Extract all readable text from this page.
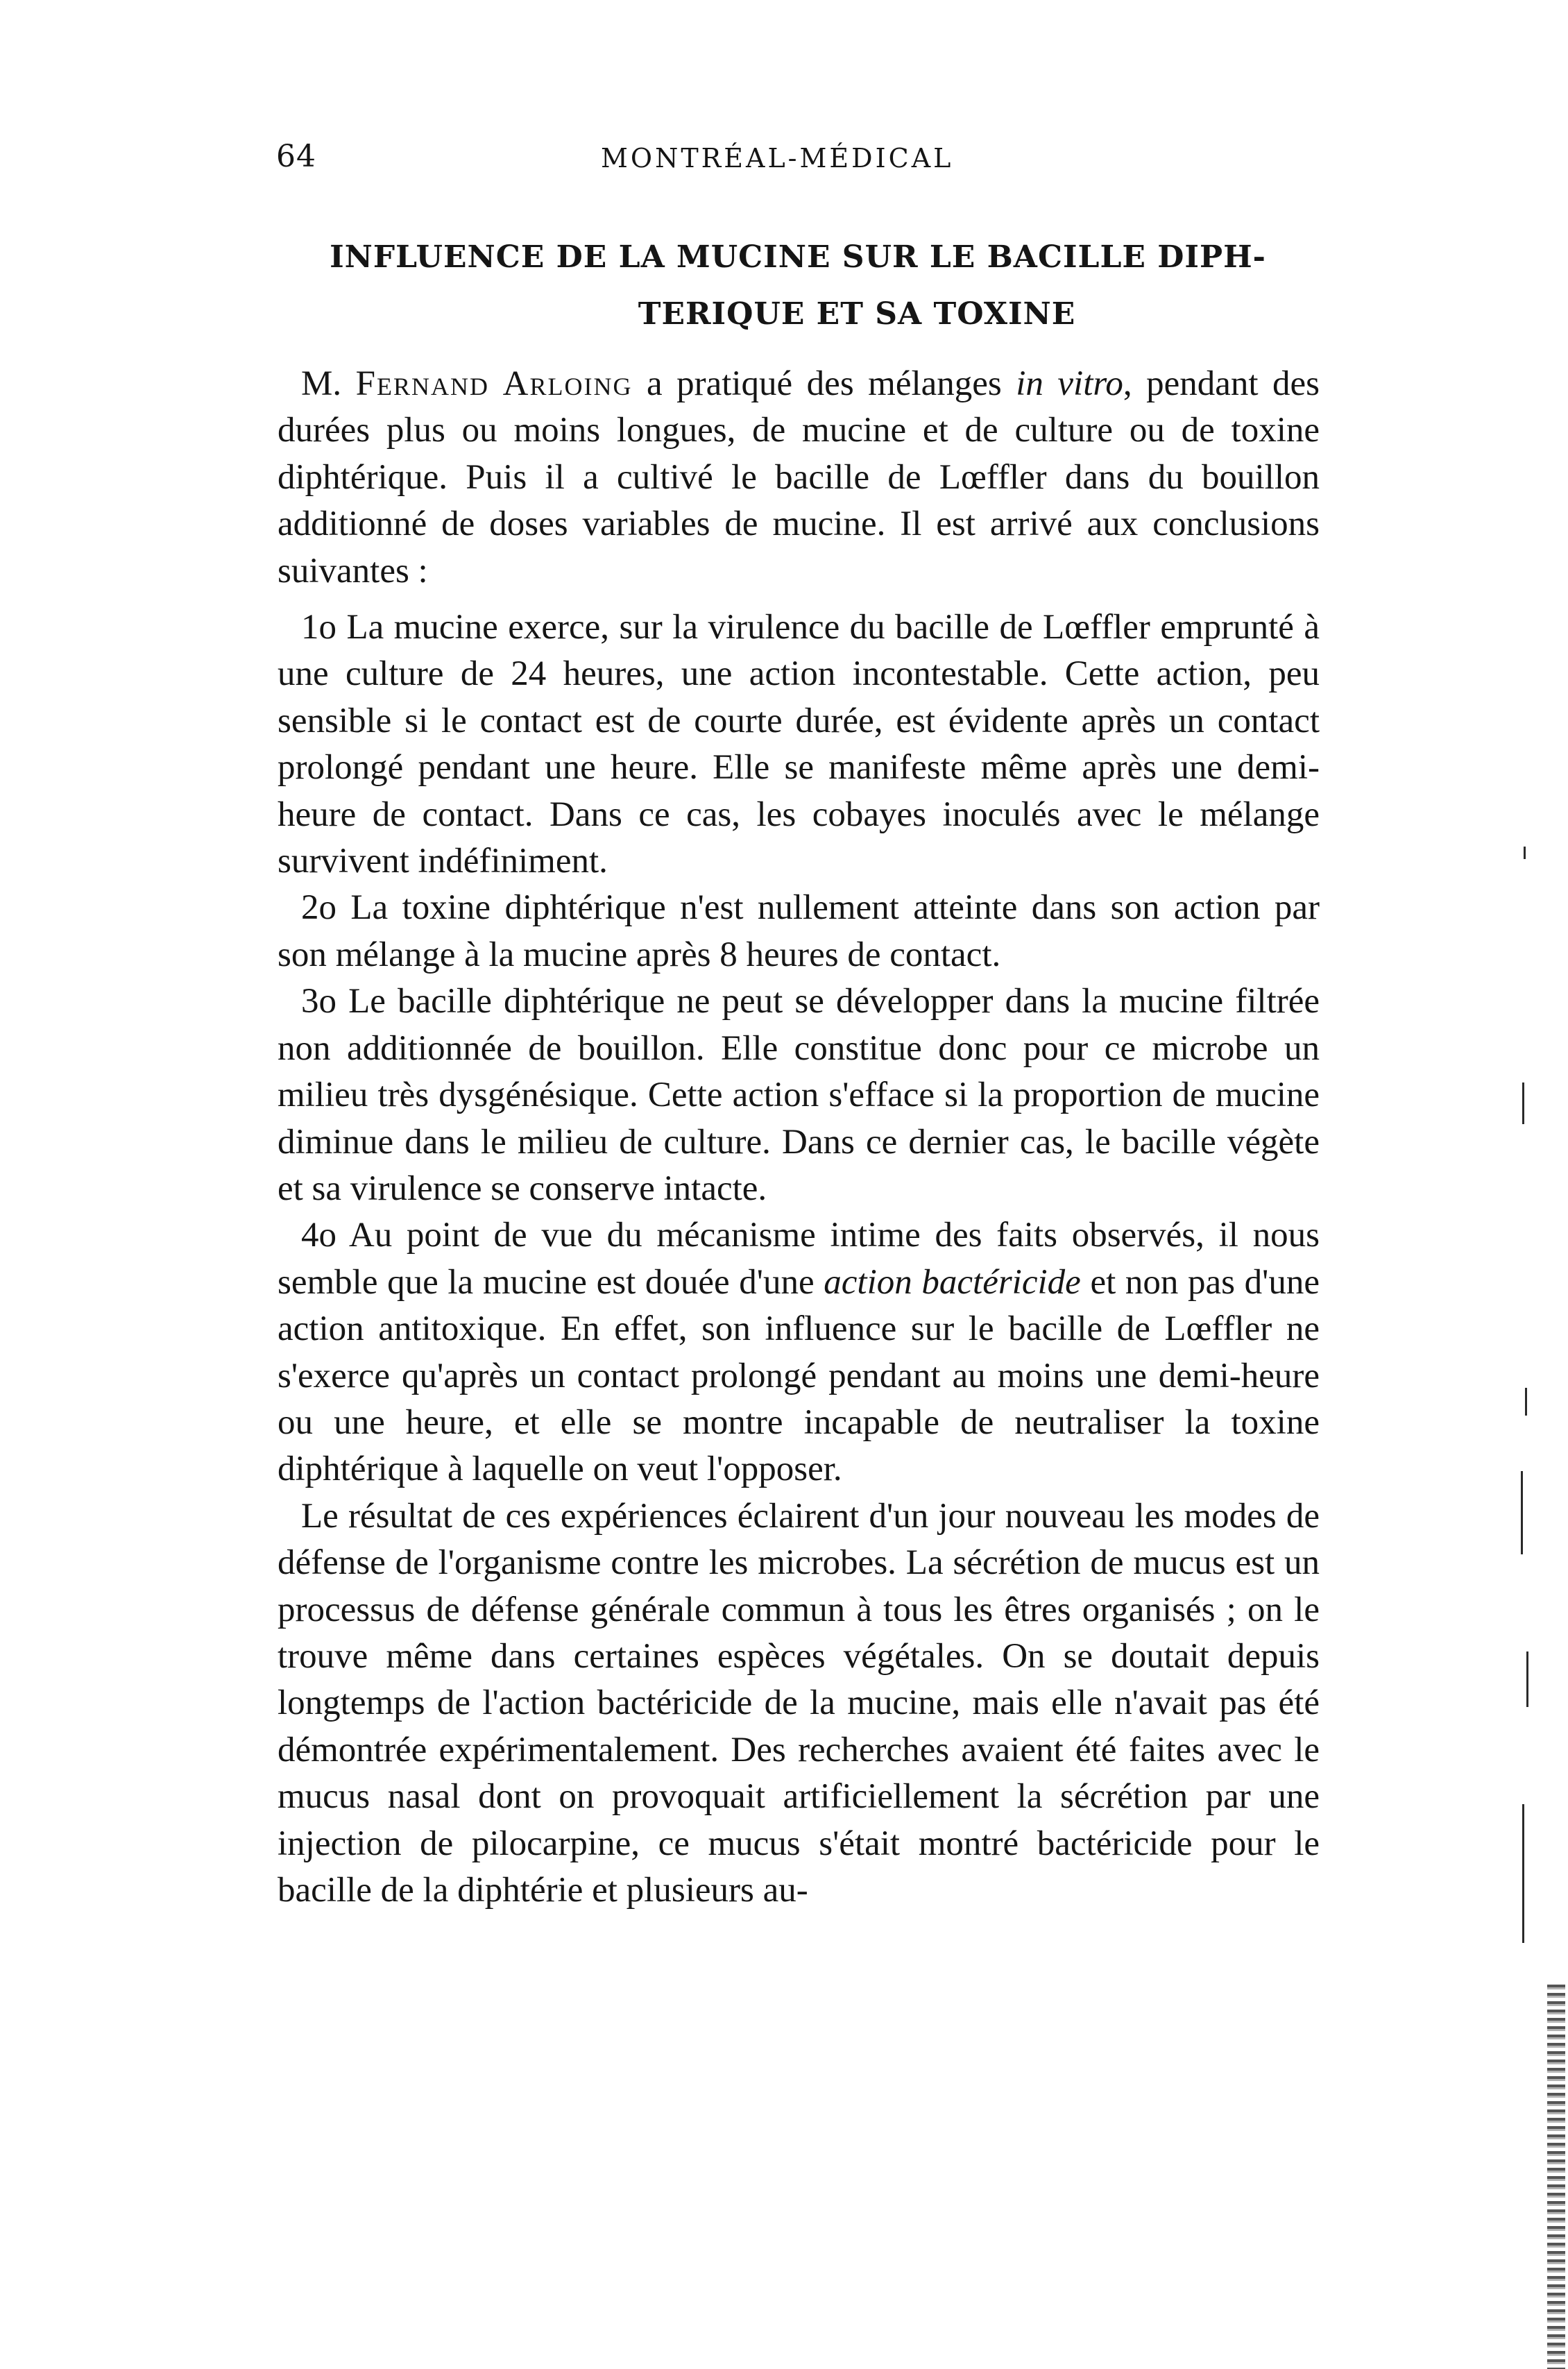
64	MONTRÉAL-MÉDICAL
INFLUENCE DE LA MUCINE SUR LE BACILLE DIPH-
TERIQUE ET SA TOXINE

M. Fernand Arloing a pratiqué des mélanges in vitro, pendant des durées plus ou moins longues, de mucine et de culture ou de toxine diphtérique. Puis il a cultivé le bacille de Lœffler dans du bouillon additionné de doses variables de mucine. Il est arrivé aux conclusions suivantes :

1o La mucine exerce, sur la virulence du bacille de Lœffler emprunté à une culture de 24 heures, une action incontestable. Cette action, peu sensible si le contact est de courte durée, est évidente après un contact prolongé pendant une heure. Elle se manifeste même après une demi-heure de contact. Dans ce cas, les cobayes inoculés avec le mélange survivent indéfiniment.

2o La toxine diphtérique n'est nullement atteinte dans son action par son mélange à la mucine après 8 heures de contact.

3o Le bacille diphtérique ne peut se développer dans la mucine filtrée non additionnée de bouillon. Elle constitue donc pour ce microbe un milieu très dysgénésique. Cette action s'efface si la proportion de mucine diminue dans le milieu de culture. Dans ce dernier cas, le bacille végète et sa virulence se conserve intacte.

4o Au point de vue du mécanisme intime des faits observés, il nous semble que la mucine est douée d'une action bactéricide et non pas d'une action antitoxique. En effet, son influence sur le bacille de Lœffler ne s'exerce qu'après un contact prolongé pendant au moins une demi-heure ou une heure, et elle se montre incapable de neutraliser la toxine diphtérique à laquelle on veut l'opposer.

Le résultat de ces expériences éclairent d'un jour nouveau les modes de défense de l'organisme contre les microbes. La sécrétion de mucus est un processus de défense générale commun à tous les êtres organisés ; on le trouve même dans certaines espèces végétales. On se doutait depuis longtemps de l'action bactéricide de la mucine, mais elle n'avait pas été démontrée expérimentalement. Des recherches avaient été faites avec le mucus nasal dont on provoquait artificiellement la sécrétion par une injection de pilocarpine, ce mucus s'était montré bactéricide pour le bacille de la diphtérie et plusieurs au-
